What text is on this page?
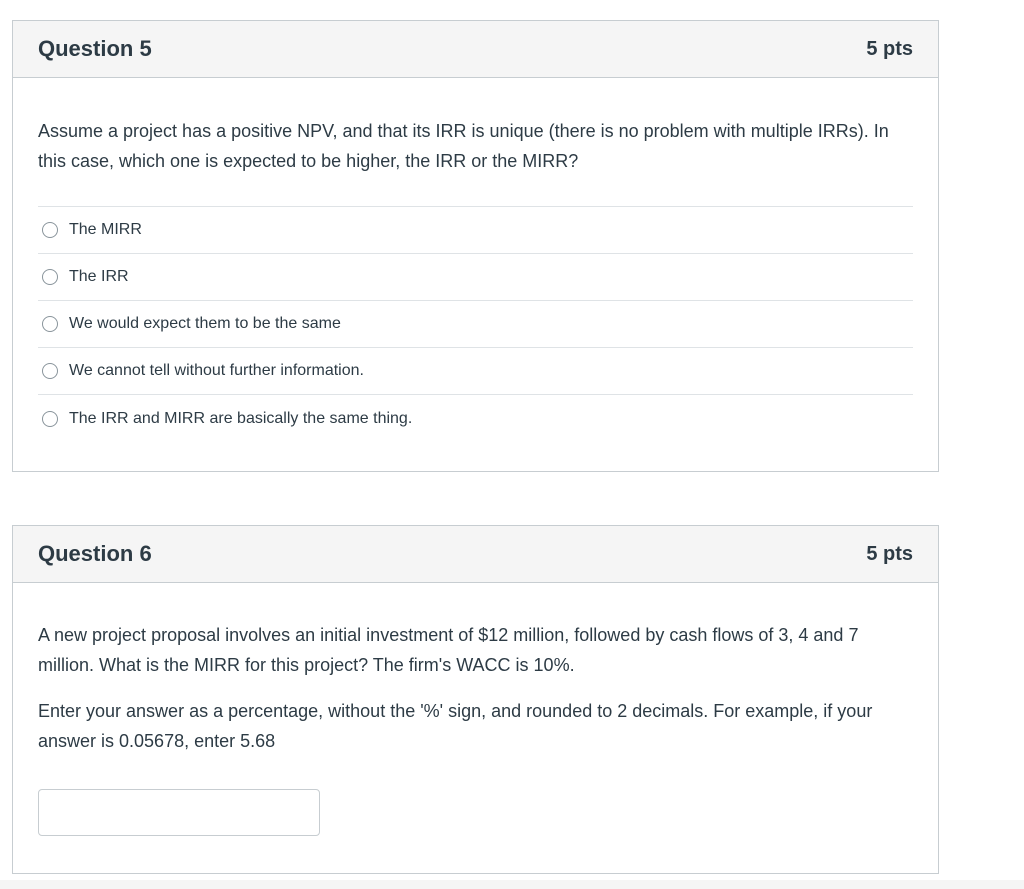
Question 5	5 pts

Assume a project has a positive NPV, and that its IRR is unique (there is no problem with multiple IRRs). In this case, which one is expected to be higher, the IRR or the MIRR?

The MIRR
The IRR
We would expect them to be the same
We cannot tell without further information.
The IRR and MIRR are basically the same thing.
Question 6	5 pts

A new project proposal involves an initial investment of $12 million, followed by cash flows of 3, 4 and 7 million. What is the MIRR for this project? The firm's WACC is 10%.

Enter your answer as a percentage, without the '%' sign, and rounded to 2 decimals. For example, if your answer is 0.05678, enter 5.68
